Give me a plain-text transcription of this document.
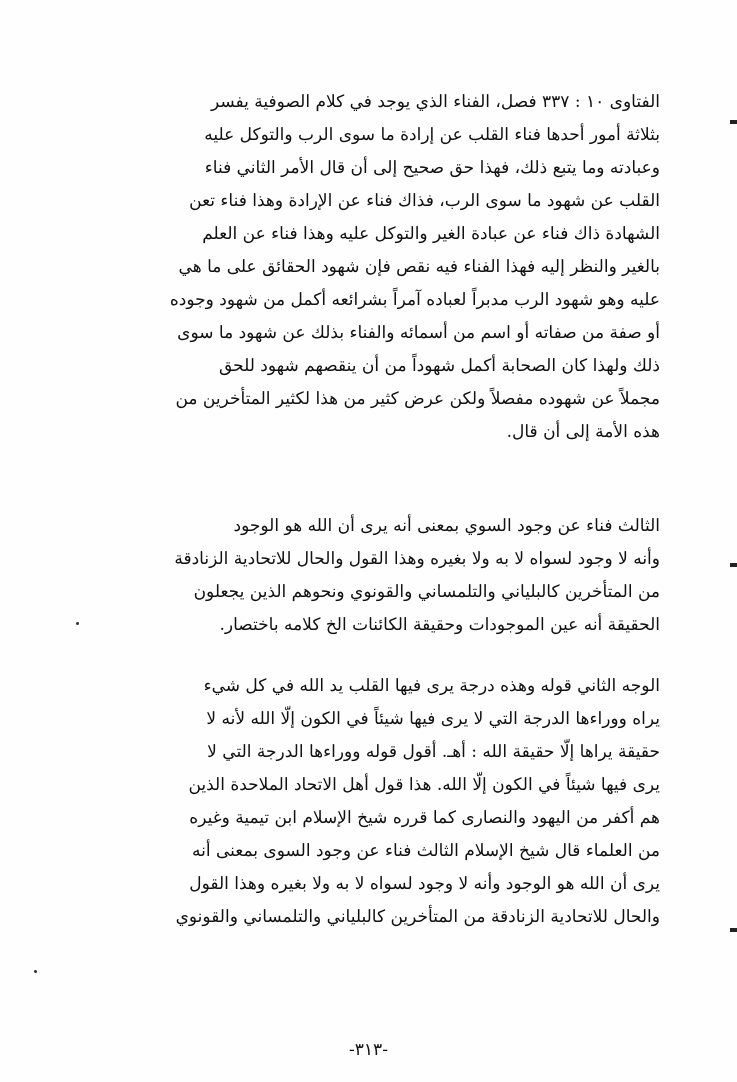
الفتاوى ١٠ : ٣٣٧ فصل، الفناء الذي يوجد في كلام الصوفية يفسر
بثلاثة أمور أحدها فناء القلب عن إرادة ما سوى الرب والتوكل عليه
وعبادته وما يتبع ذلك، فهذا حق صحيح إلى أن قال الأمر الثاني فناء
القلب عن شهود ما سوى الرب، فذاك فناء عن الإرادة وهذا فناء تعن
الشهادة ذاك فناء عن عبادة الغير والتوكل عليه وهذا فناء عن العلم
بالغير والنظر إليه فهذا الفناء فيه نقص فإن شهود الحقائق على ما هي
عليه وهو شهود الرب مدبراً لعباده آمراً بشرائعه أكمل من شهود وجوده
أو صفة من صفاته أو اسم من أسمائه والفناء بذلك عن شهود ما سوى
ذلك ولهذا كان الصحابة أكمل شهوداً من أن ينقصهم شهود للحق
مجملاً عن شهوده مفصلاً ولكن عرض كثير من هذا لكثير المتأخرين من
هذه الأمة إلى أن قال.
الثالث فناء عن وجود السوي بمعنى أنه يرى أن الله هو الوجود
وأنه لا وجود لسواه لا به ولا بغيره وهذا القول والحال للاتحادية الزنادقة
من المتأخرين كالبلياني والتلمساني والقونوي ونحوهم الذين يجعلون
الحقيقة أنه عين الموجودات وحقيقة الكائنات الخ كلامه باختصار.
الوجه الثاني قوله وهذه درجة يرى فيها القلب يد الله في كل شيء
يراه ووراءها الدرجة التي لا يرى فيها شيئاً في الكون إلّا الله لأنه لا
حقيقة يراها إلّا حقيقة الله : أهـ. أقول قوله ووراءها الدرجة التي لا
يرى فيها شيئاً في الكون إلّا الله. هذا قول أهل الاتحاد الملاحدة الذين
هم أكفر من اليهود والنصارى كما قرره شيخ الإسلام ابن تيمية وغيره
من العلماء قال شيخ الإسلام الثالث فناء عن وجود السوى بمعنى أنه
يرى أن الله هو الوجود وأنه لا وجود لسواه لا به ولا بغيره وهذا القول
والحال للاتحادية الزنادقة من المتأخرين كالبلياني والتلمساني والقونوي
-٣١٣-
